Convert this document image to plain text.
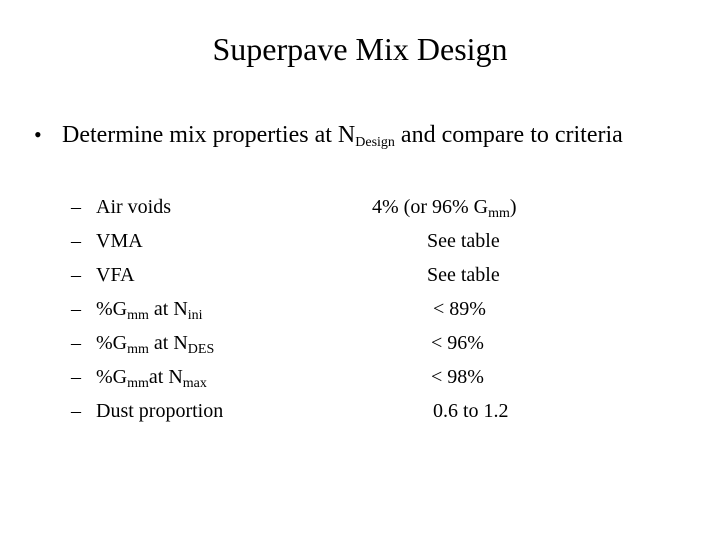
Superpave Mix Design
• Determine mix properties at $N_{Design}$ and compare to criteria
– Air voids	4% (or 96% $G_{mm}$)
– VMA	See table
– VFA	See table
– $\%G_{mm}$ at $N_{ini}$	< 89%
– $\%G_{mm}$ at $N_{DES}$	< 96%
– $\%G_{mm}at$ $N_{max}$	< 98%
– Dust proportion	0.6 to 1.2
